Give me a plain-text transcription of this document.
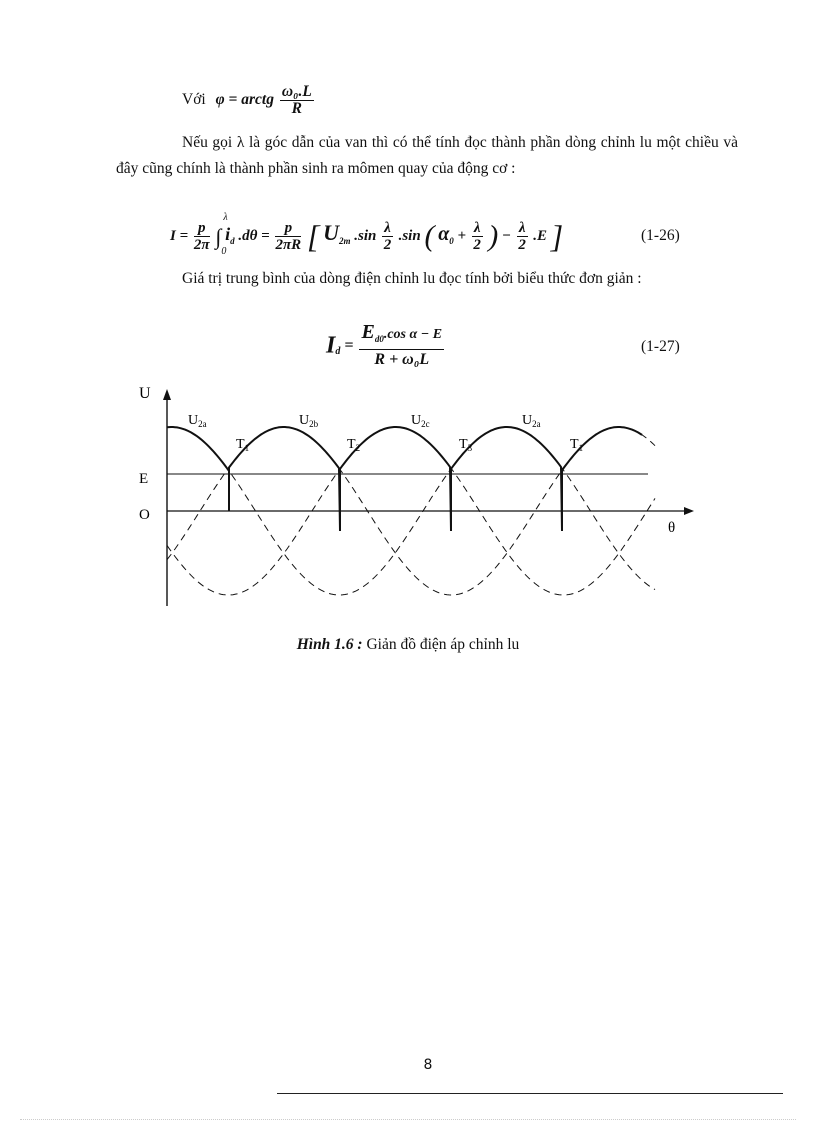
Với φ = arctg $\frac{\text{ω₀.L}}{R}$
Nếu gọi λ là góc dẫn của van thì có thể tính đọc thành phần dòng chỉnh lu một chiều và đây cũng chính là thành phần sinh ra mômen quay của động cơ :
$I = \frac{p}{2\pi}$ ∫
λ
0
$i_d$ $.d\theta = \frac{p}{2\pi R}$ [ $U_{2m}$ $.\sin \frac{\lambda}{2} .\sin$ ( $\alpha_0 + \frac{\lambda}{2}$ ) − $\frac{\lambda}{2} .E$ ]	(1-26)
Giá trị trung bình của dòng điện chỉnh lu đọc tính bởi biểu thức đơn giản :
$I_d = \frac{E_{d0}.\cos \alpha - E}{\text{R + ω₀L}}$	(1-27)
U
θ
E
O
$U_{2a}$	$U_{2b}$	$U_{2c}$	$U_{2a}$
$T_1$	$T_2$	$T_3$	$T_1$
Hình 1.6 : Giản đồ điện áp chỉnh lu
8
